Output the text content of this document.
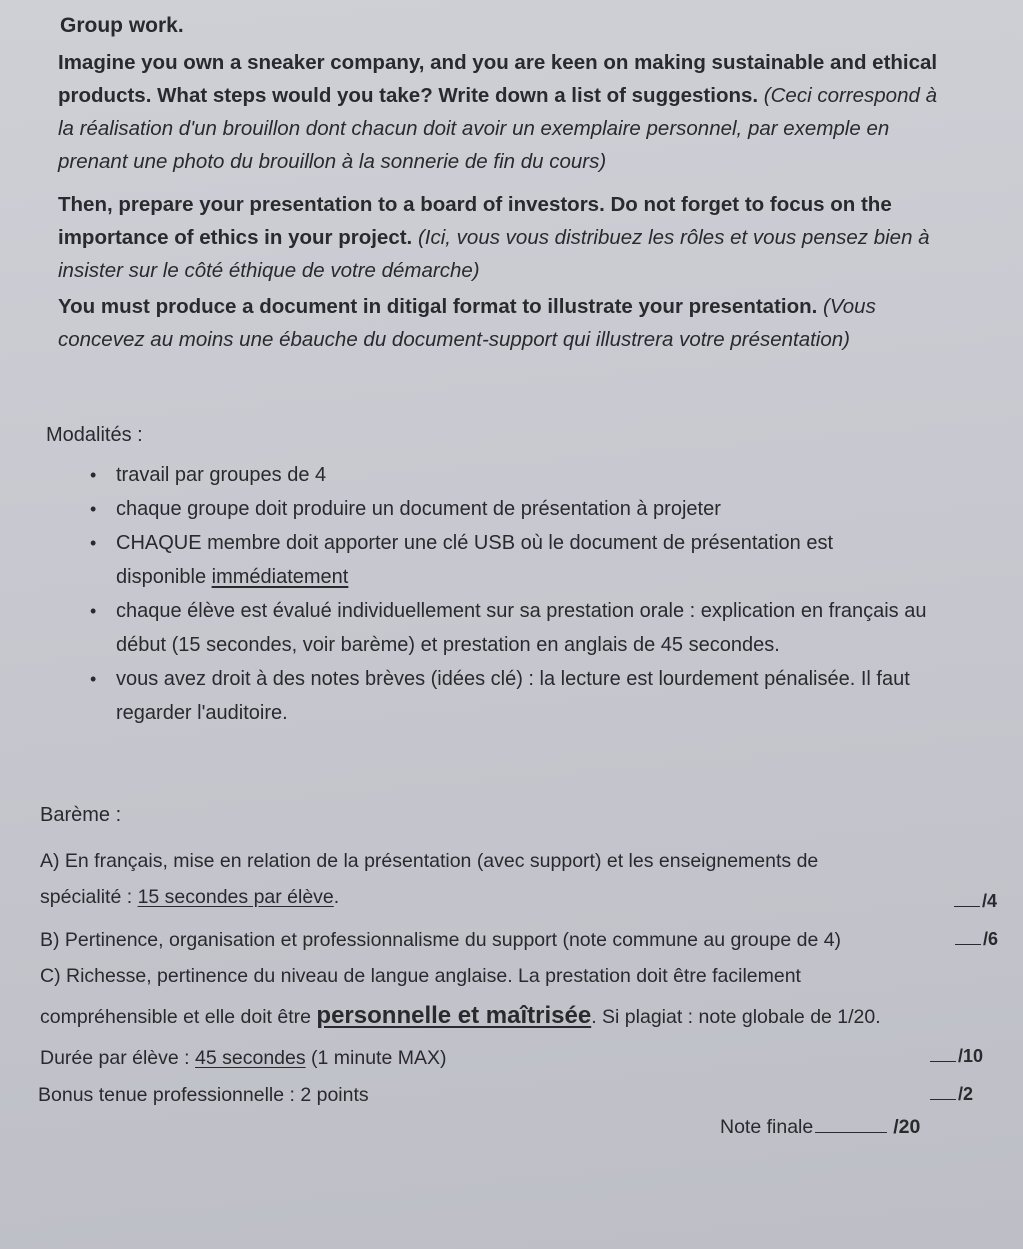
Group work.
Imagine you own a sneaker company, and you are keen on making sustainable and ethical
products. What steps would you take? Write down a list of suggestions. (Ceci correspond à
la réalisation d'un brouillon dont chacun doit avoir un exemplaire personnel, par exemple en
prenant une photo du brouillon à la sonnerie de fin du cours)
Then, prepare your presentation to a board of investors. Do not forget to focus on the
importance of ethics in your project. (Ici, vous vous distribuez les rôles et vous pensez bien à
insister sur le côté éthique de votre démarche)
You must produce a document in ditigal format to illustrate your presentation. (Vous
concevez au moins une ébauche du document-support qui illustrera votre présentation)
Modalités :
• travail par groupes de 4
• chaque groupe doit produire un document de présentation à projeter
• CHAQUE membre doit apporter une clé USB où le document de présentation est
disponible immédiatement
• chaque élève est évalué individuellement sur sa prestation orale : explication en français au
début (15 secondes, voir barème) et prestation en anglais de 45 secondes.
• vous avez droit à des notes brèves (idées clé) : la lecture est lourdement pénalisée. Il faut
regarder l'auditoire.
Barème :
A) En français, mise en relation de la présentation (avec support) et les enseignements de
spécialité : 15 secondes par élève.	/4
B) Pertinence, organisation et professionnalisme du support (note commune au groupe de 4)	/6
C) Richesse, pertinence du niveau de langue anglaise. La prestation doit être facilement
compréhensible et elle doit être personnelle et maîtrisée. Si plagiat : note globale de 1/20.
Durée par élève : 45 secondes (1 minute MAX)	/10
Bonus tenue professionnelle : 2 points	/2
Note finale	/20
